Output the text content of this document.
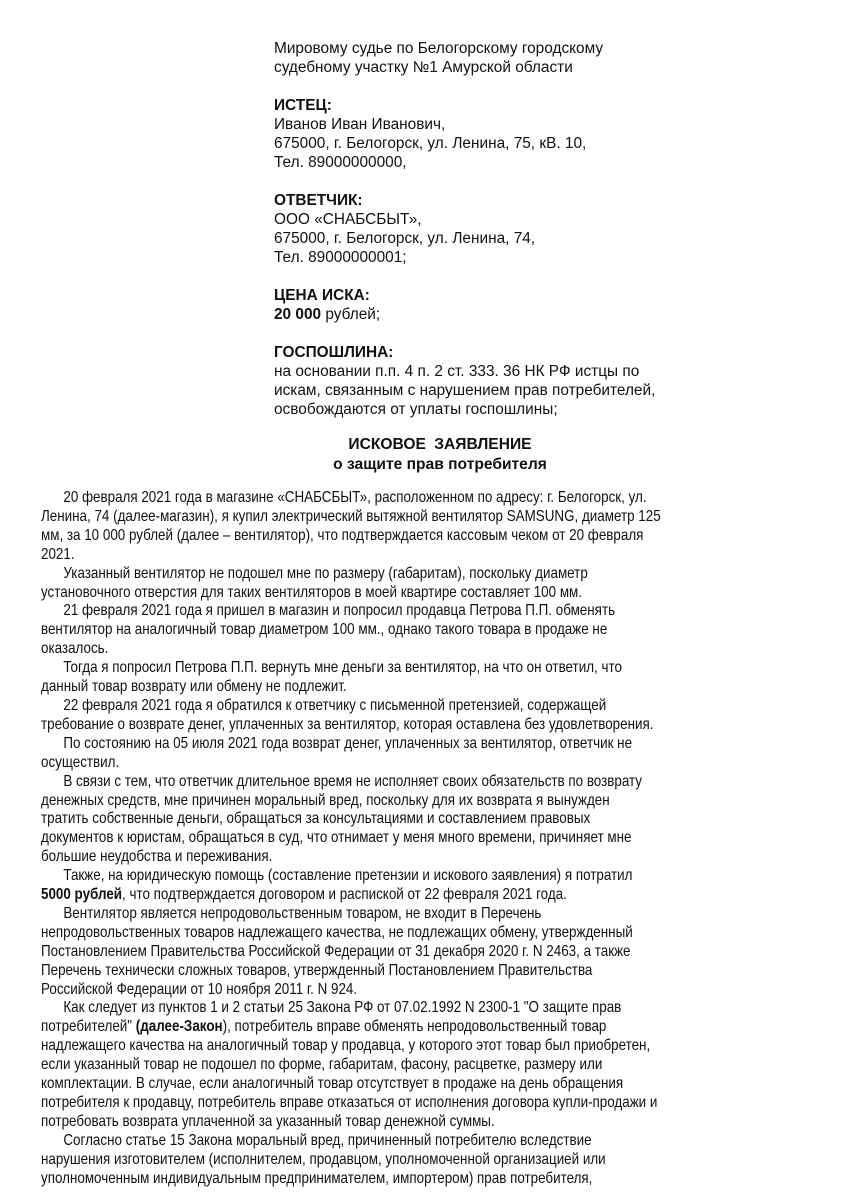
Мировому судье по Белогорскому городскому
судебному участку №1 Амурской области
ИСТЕЦ:
Иванов Иван Иванович,
675000, г. Белогорск, ул. Ленина, 75, кВ. 10,
Тел. 89000000000,
ОТВЕТЧИК:
ООО «СНАБСБЫТ»,
675000, г. Белогорск, ул. Ленина, 74,
Тел. 89000000001;
ЦЕНА ИСКА:
20 000 рублей;
ГОСПОШЛИНА:
на основании п.п. 4 п. 2 ст. 333. 36 НК РФ истцы по
искам, связанным с нарушением прав потребителей,
освобождаются от уплаты госпошлины;
ИСКОВОЕ ЗАЯВЛЕНИЕ
о защите прав потребителя
20 февраля 2021 года в магазине «СНАБСБЫТ», расположенном по адресу: г. Белогорск, ул.
Ленина, 74 (далее-магазин), я купил электрический вытяжной вентилятор SAMSUNG, диаметр 125
мм, за 10 000 рублей (далее – вентилятор), что подтверждается кассовым чеком от 20 февраля
2021.
Указанный вентилятор не подошел мне по размеру (габаритам), поскольку диаметр
установочного отверстия для таких вентиляторов в моей квартире составляет 100 мм.
21 февраля 2021 года я пришел в магазин и попросил продавца Петрова П.П. обменять
вентилятор на аналогичный товар диаметром 100 мм., однако такого товара в продаже не
оказалось.
Тогда я попросил Петрова П.П. вернуть мне деньги за вентилятор, на что он ответил, что
данный товар возврату или обмену не подлежит.
22 февраля 2021 года я обратился к ответчику с письменной претензией, содержащей
требование о возврате денег, уплаченных за вентилятор, которая оставлена без удовлетворения.
По состоянию на 05 июля 2021 года возврат денег, уплаченных за вентилятор, ответчик не
осуществил.
В связи с тем, что ответчик длительное время не исполняет своих обязательств по возврату
денежных средств, мне причинен моральный вред, поскольку для их возврата я вынужден
тратить собственные деньги, обращаться за консультациями и составлением правовых
документов к юристам, обращаться в суд, что отнимает у меня много времени, причиняет мне
большие неудобства и переживания.
Также, на юридическую помощь (составление претензии и искового заявления) я потратил
5000 рублей, что подтверждается договором и распиской от 22 февраля 2021 года.
Вентилятор является непродовольственным товаром, не входит в Перечень
непродовольственных товаров надлежащего качества, не подлежащих обмену, утвержденный
Постановлением Правительства Российской Федерации от 31 декабря 2020 г. N 2463, а также
Перечень технически сложных товаров, утвержденный Постановлением Правительства
Российской Федерации от 10 ноября 2011 г. N 924.
Как следует из пунктов 1 и 2 статьи 25 Закона РФ от 07.02.1992 N 2300-1 "О защите прав
потребителей" (далее-Закон), потребитель вправе обменять непродовольственный товар
надлежащего качества на аналогичный товар у продавца, у которого этот товар был приобретен,
если указанный товар не подошел по форме, габаритам, фасону, расцветке, размеру или
комплектации. В случае, если аналогичный товар отсутствует в продаже на день обращения
потребителя к продавцу, потребитель вправе отказаться от исполнения договора купли-продажи и
потребовать возврата уплаченной за указанный товар денежной суммы.
Согласно статье 15 Закона моральный вред, причиненный потребителю вследствие
нарушения изготовителем (исполнителем, продавцом, уполномоченной организацией или
уполномоченным индивидуальным предпринимателем, импортером) прав потребителя,
